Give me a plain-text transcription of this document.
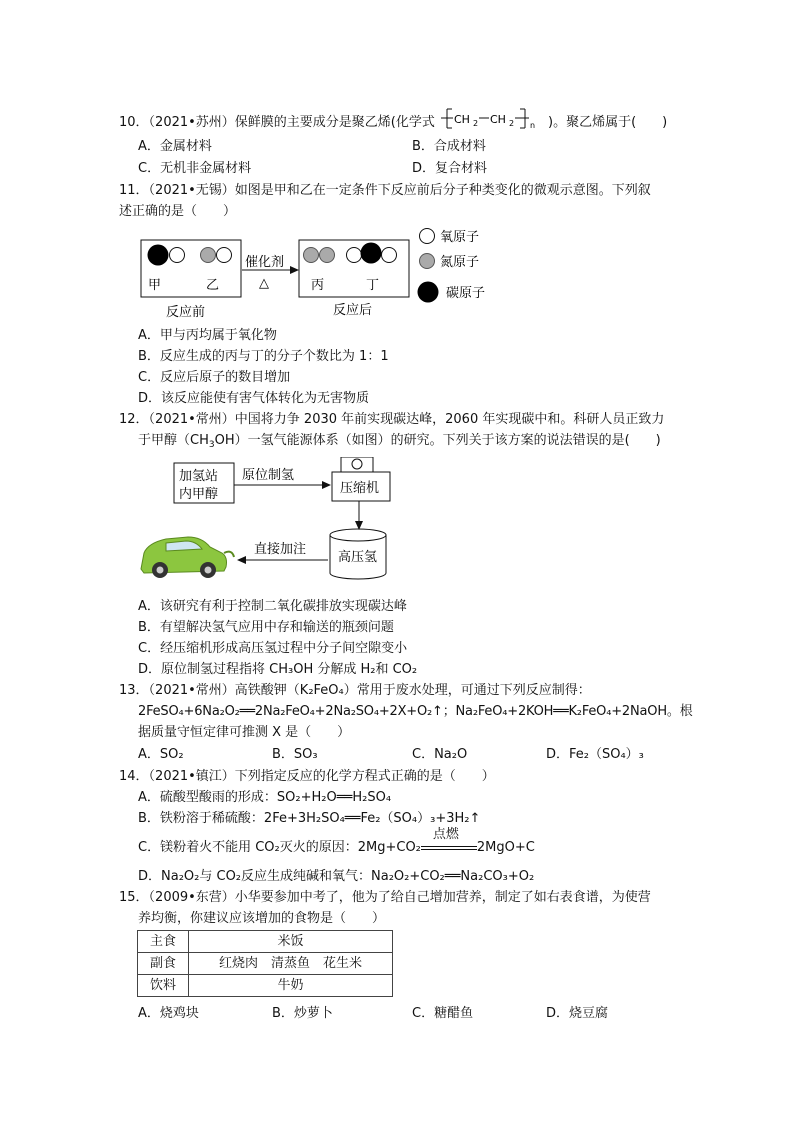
10．（2021•苏州）保鲜膜的主要成分是聚乙烯(化学式 CH 2 CH 2 n )。聚乙烯属于(　　)
A．金属材料	B．合成材料
C．无机非金属材料	D．复合材料
11．（2021•无锡）如图是甲和乙在一定条件下反应前后分子种类变化的微观示意图。下列叙
述正确的是（　　）
甲	乙
催化剂
△	丙	丁
反应前	反应后
氧原子
氮原子
碳原子
A．甲与丙均属于氧化物
B．反应生成的丙与丁的分子个数比为 1：1
C．反应后原子的数目增加
D．该反应能使有害气体转化为无害物质
12．（2021•常州）中国将力争 2030 年前实现碳达峰，2060 年实现碳中和。科研人员正致力
于甲醇$(CH_3OH)$一氢气能源体系（如图）的研究。下列关于该方案的说法错误的是(　　)
加氢站
内甲醇
原位制氢
压缩机
高压氢
直接加注
A．该研究有利于控制二氧化碳排放实现碳达峰
B．有望解决氢气应用中存和输送的瓶颈问题
C．经压缩机形成高压氢过程中分子间空隙变小
D．原位制氢过程指将 CH₃OH 分解成 H₂和 CO₂
13．（2021•常州）高铁酸钾（K₂FeO₄）常用于废水处理，可通过下列反应制得：
2FeSO₄+6Na₂O₂══2Na₂FeO₄+2Na₂SO₄+2X+O₂↑；Na₂FeO₄+2KOH══K₂FeO₄+2NaOH。根
据质量守恒定律可推测 X 是（　　）
A．SO₂	B．SO₃	C．Na₂O	D．Fe₂（SO₄）₃
14．（2021•镇江）下列指定反应的化学方程式正确的是（　　）
A．硫酸型酸雨的形成：SO₂+H₂O══H₂SO₄
B．铁粉溶于稀硫酸：2Fe+3H₂SO₄══Fe₂（SO₄）₃+3H₂↑
C．镁粉着火不能用 CO₂灭火的原因：2Mg+CO₂
点燃
2MgO+C
D．Na₂O₂与 CO₂反应生成纯碱和氧气：Na₂O₂+CO₂══Na₂CO₃+O₂
15．（2009•东营）小华要参加中考了，他为了给自己增加营养，制定了如右表食谱，为使营
养均衡，你建议应该增加的食物是（　　）
主食	米饭
副食	红烧肉　清蒸鱼　花生米
饮料	牛奶
A．烧鸡块	B．炒萝卜	C．糖醋鱼	D．烧豆腐
